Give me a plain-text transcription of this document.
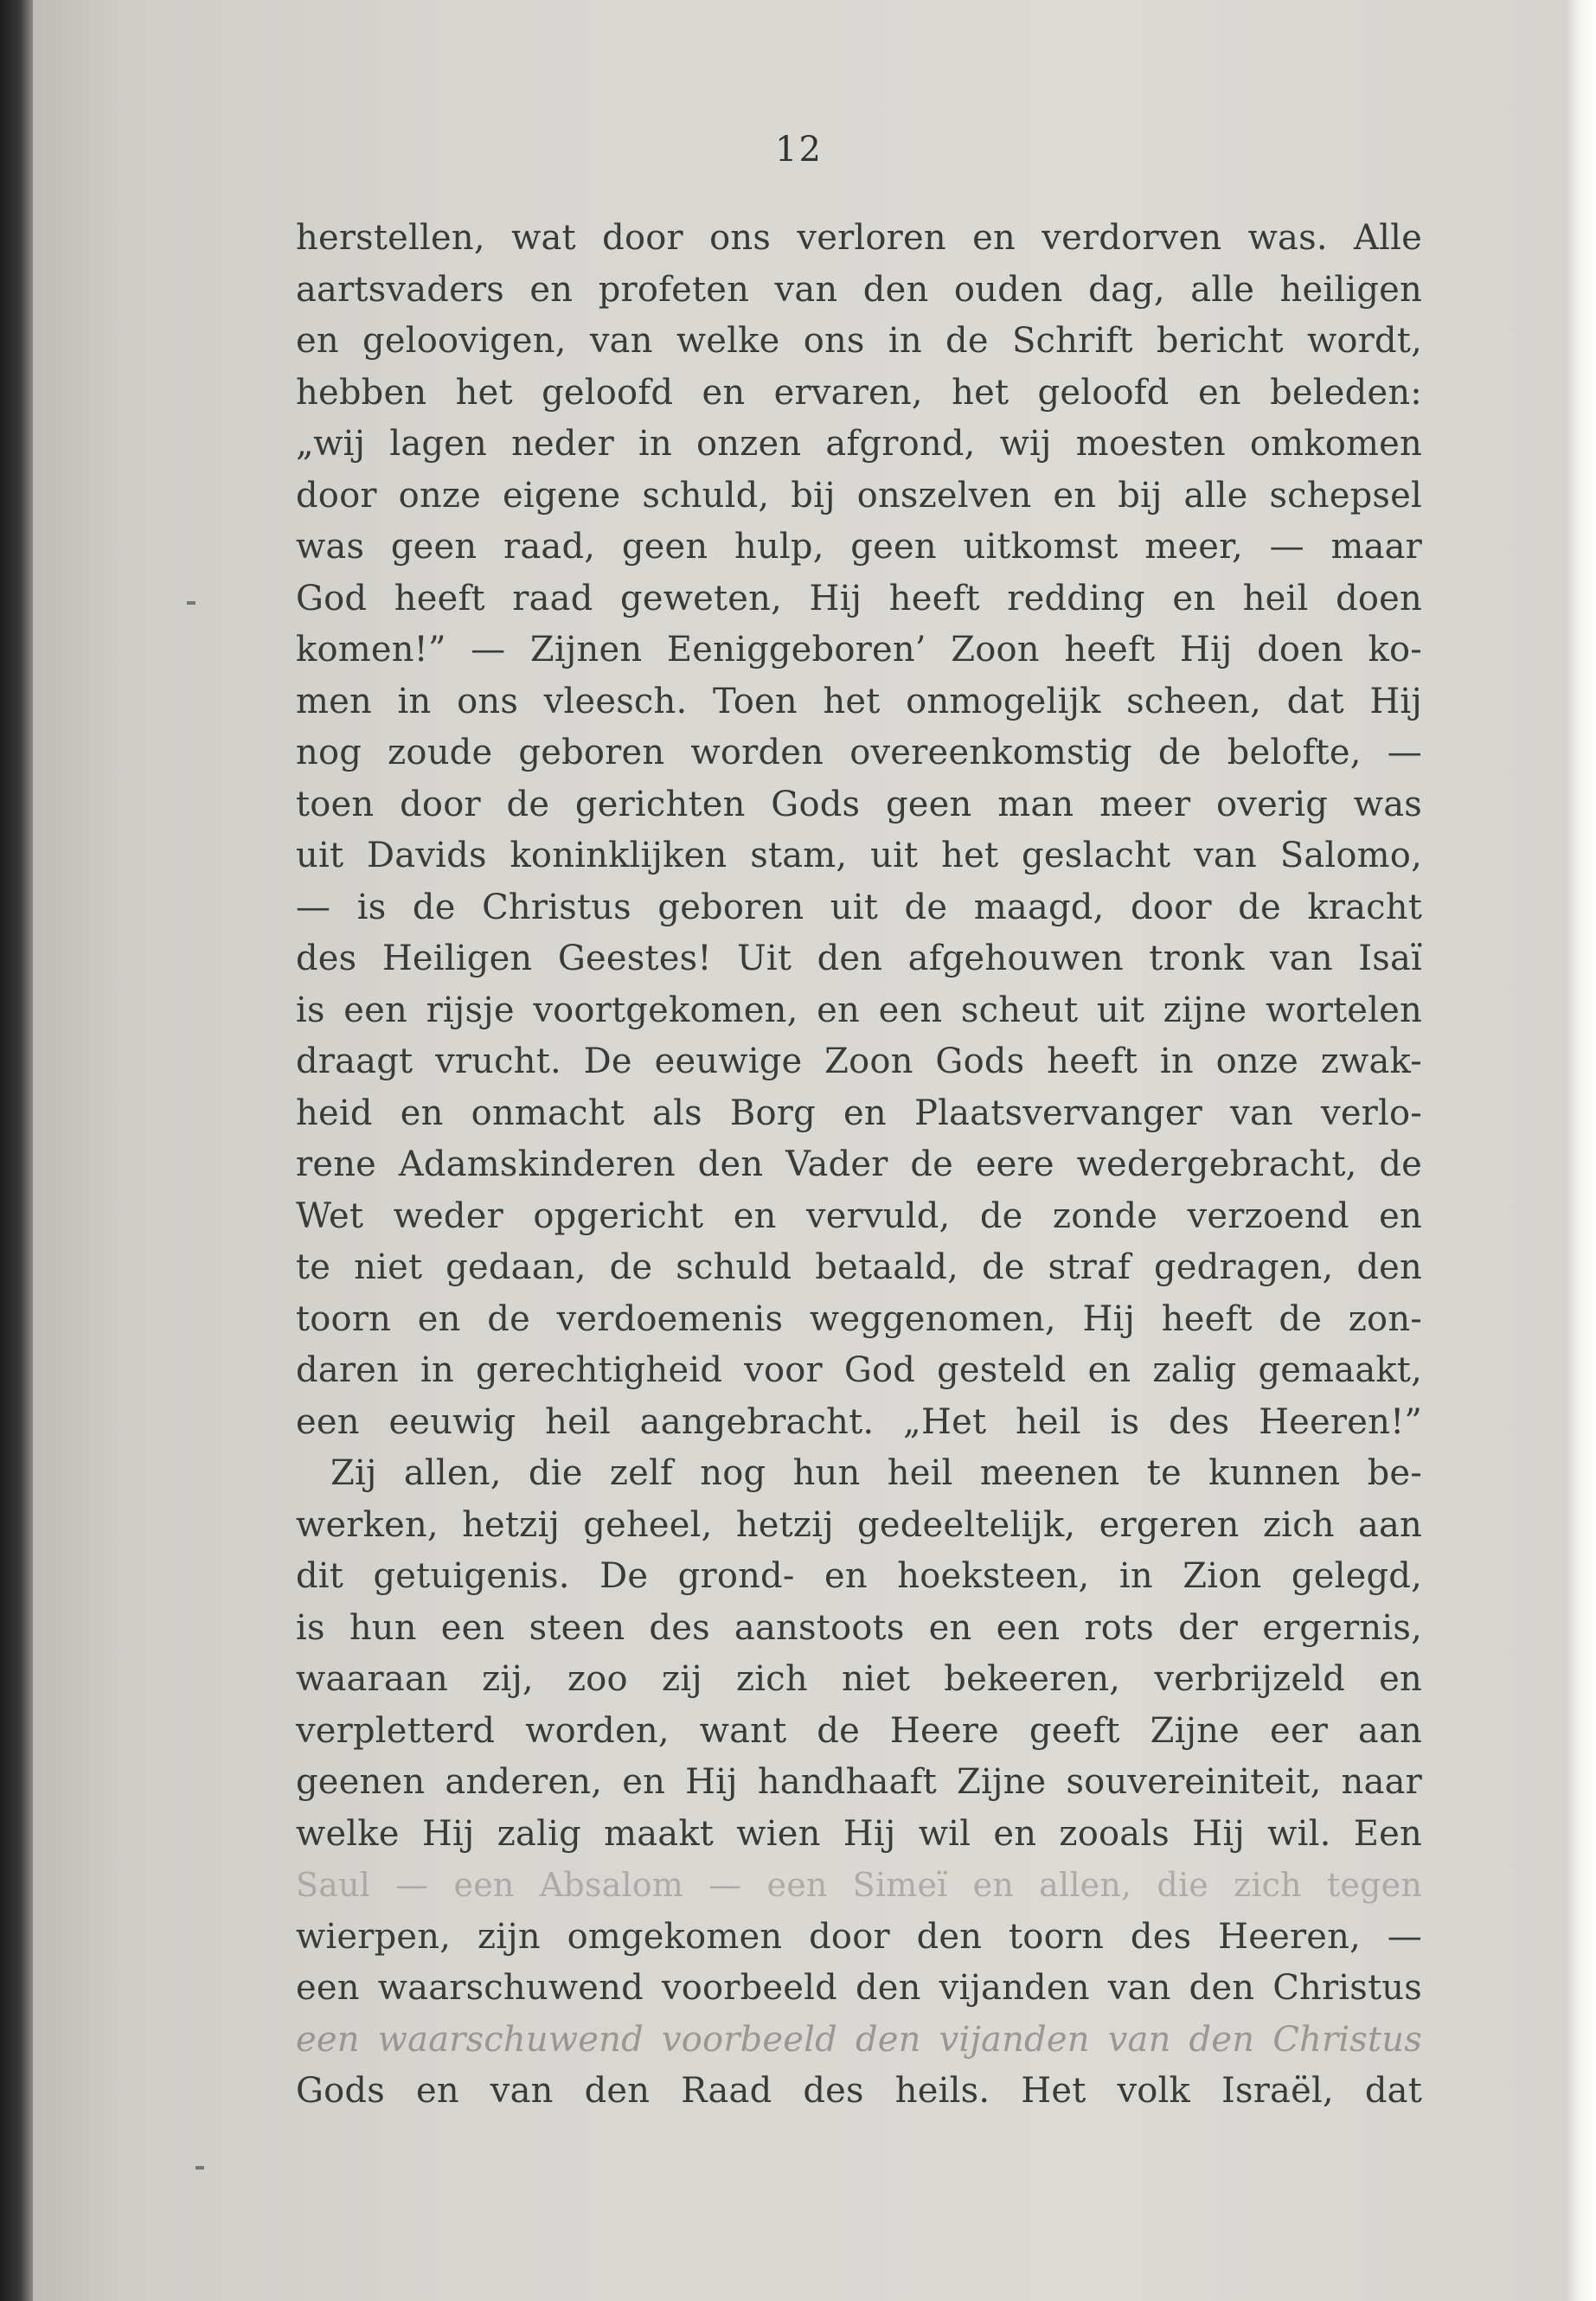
12
herstellen, wat door ons verloren en verdorven was. Alle
aartsvaders en profeten van den ouden dag, alle heiligen
en geloovigen, van welke ons in de Schrift bericht wordt,
hebben het geloofd en ervaren, het geloofd en beleden:
„wij lagen neder in onzen afgrond, wij moesten omkomen
door onze eigene schuld, bij onszelven en bij alle schepsel
was geen raad, geen hulp, geen uitkomst meer, — maar
God heeft raad geweten, Hij heeft redding en heil doen
komen!” — Zijnen Eeniggeboren’ Zoon heeft Hij doen ko-
men in ons vleesch. Toen het onmogelijk scheen, dat Hij
nog zoude geboren worden overeenkomstig de belofte, —
toen door de gerichten Gods geen man meer overig was
uit Davids koninklijken stam, uit het geslacht van Salomo,
— is de Christus geboren uit de maagd, door de kracht
des Heiligen Geestes! Uit den afgehouwen tronk van Isaï
is een rijsje voortgekomen, en een scheut uit zijne wortelen
draagt vrucht. De eeuwige Zoon Gods heeft in onze zwak-
heid en onmacht als Borg en Plaatsvervanger van verlo-
rene Adamskinderen den Vader de eere wedergebracht, de
Wet weder opgericht en vervuld, de zonde verzoend en
te niet gedaan, de schuld betaald, de straf gedragen, den
toorn en de verdoemenis weggenomen, Hij heeft de zon-
daren in gerechtigheid voor God gesteld en zalig gemaakt,
een eeuwig heil aangebracht. „Het heil is des Heeren!”
Zij allen, die zelf nog hun heil meenen te kunnen be-
werken, hetzij geheel, hetzij gedeeltelijk, ergeren zich aan
dit getuigenis. De grond- en hoeksteen, in Zion gelegd,
is hun een steen des aanstoots en een rots der ergernis,
waaraan zij, zoo zij zich niet bekeeren, verbrijzeld en
verpletterd worden, want de Heere geeft Zijne eer aan
geenen anderen, en Hij handhaaft Zijne souvereiniteit, naar
welke Hij zalig maakt wien Hij wil en zooals Hij wil. Een
Saul — een Absalom — een Simeï en allen, die zich tegen
wierpen, zijn omgekomen door den toorn des Heeren, —
een waarschuwend voorbeeld den vijanden van den Christus
een waarschuwend voorbeeld den vijanden van den Christus
Gods en van den Raad des heils. Het volk Israël, dat
